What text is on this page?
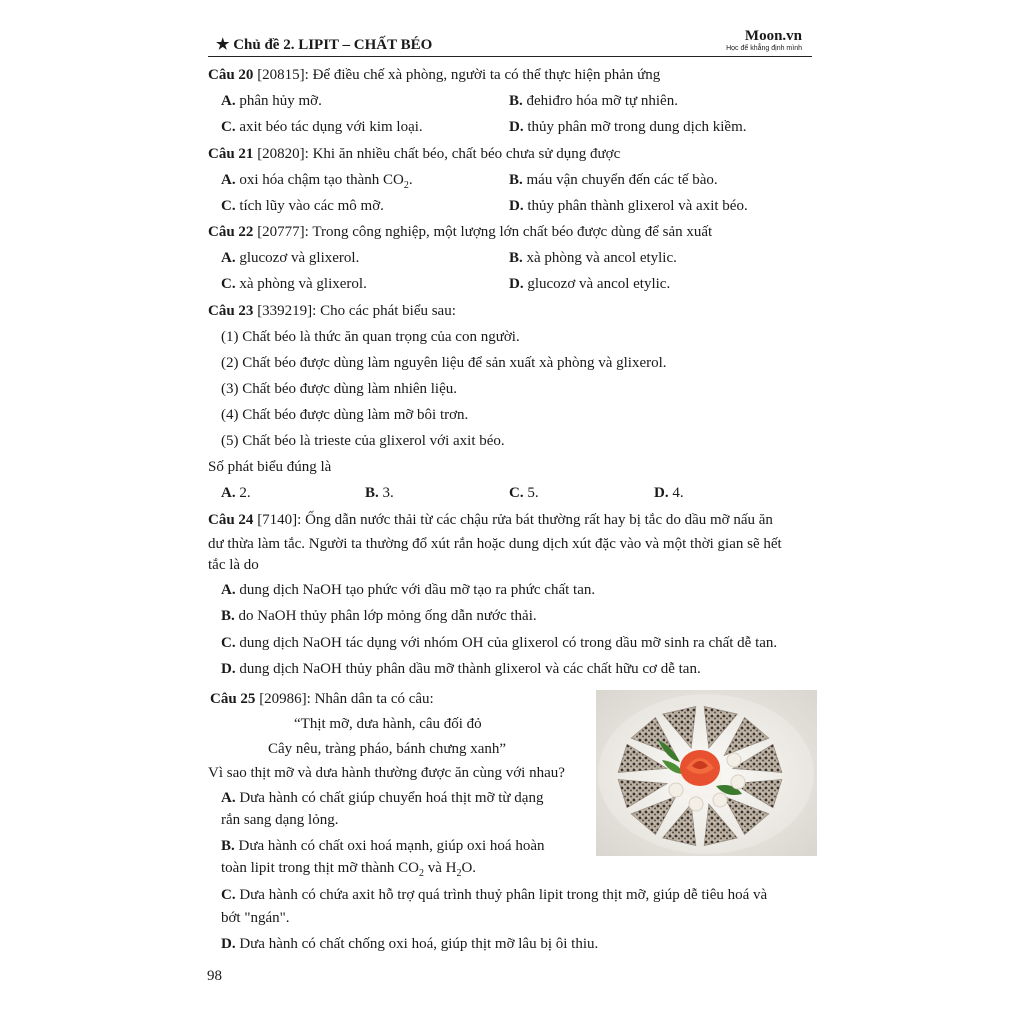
★ Chủ đề 2. LIPIT – CHẤT BÉO
Moon.vn
Học để khẳng định mình
Câu 20 [20815]: Để điều chế xà phòng, người ta có thể thực hiện phản ứng
A. phân hủy mỡ.	B. đehiđro hóa mỡ tự nhiên.
C. axit béo tác dụng với kim loại.	D. thủy phân mỡ trong dung dịch kiềm.
Câu 21 [20820]: Khi ăn nhiều chất béo, chất béo chưa sử dụng được
A. oxi hóa chậm tạo thành $CO_2$.	B. máu vận chuyển đến các tế bào.
C. tích lũy vào các mô mỡ.	D. thủy phân thành glixerol và axit béo.
Câu 22 [20777]: Trong công nghiệp, một lượng lớn chất béo được dùng để sản xuất
A. glucozơ và glixerol.	B. xà phòng và ancol etylic.
C. xà phòng và glixerol.	D. glucozơ và ancol etylic.
Câu 23 [339219]: Cho các phát biểu sau:
(1) Chất béo là thức ăn quan trọng của con người.
(2) Chất béo được dùng làm nguyên liệu để sản xuất xà phòng và glixerol.
(3) Chất béo được dùng làm nhiên liệu.
(4) Chất béo được dùng làm mỡ bôi trơn.
(5) Chất béo là trieste của glixerol với axit béo.
Số phát biểu đúng là
A. 2.	B. 3.	C. 5.	D. 4.
Câu 24 [7140]: Ống dẫn nước thải từ các chậu rửa bát thường rất hay bị tắc do dầu mỡ nấu ăn
dư thừa làm tắc. Người ta thường đổ xút rắn hoặc dung dịch xút đặc vào và một thời gian sẽ hết
tắc là do
A. dung dịch NaOH tạo phức với dầu mỡ tạo ra phức chất tan.
B. do NaOH thủy phân lớp mỏng ống dẫn nước thải.
C. dung dịch NaOH tác dụng với nhóm OH của glixerol có trong dầu mỡ sinh ra chất dễ tan.
D. dung dịch NaOH thủy phân dầu mỡ thành glixerol và các chất hữu cơ dễ tan.
Câu 25 [20986]: Nhân dân ta có câu:
“Thịt mỡ, dưa hành, câu đối đỏ
Cây nêu, tràng pháo, bánh chưng xanh”
Vì sao thịt mỡ và dưa hành thường được ăn cùng với nhau?
A. Dưa hành có chất giúp chuyển hoá thịt mỡ từ dạng
rắn sang dạng lỏng.
B. Dưa hành có chất oxi hoá mạnh, giúp oxi hoá hoàn
toàn lipit trong thịt mỡ thành $CO_2$ và $H_2O$.
C. Dưa hành có chứa axit hỗ trợ quá trình thuỷ phân lipit trong thịt mỡ, giúp dễ tiêu hoá và
bớt "ngán".
D. Dưa hành có chất chống oxi hoá, giúp thịt mỡ lâu bị ôi thiu.
98
